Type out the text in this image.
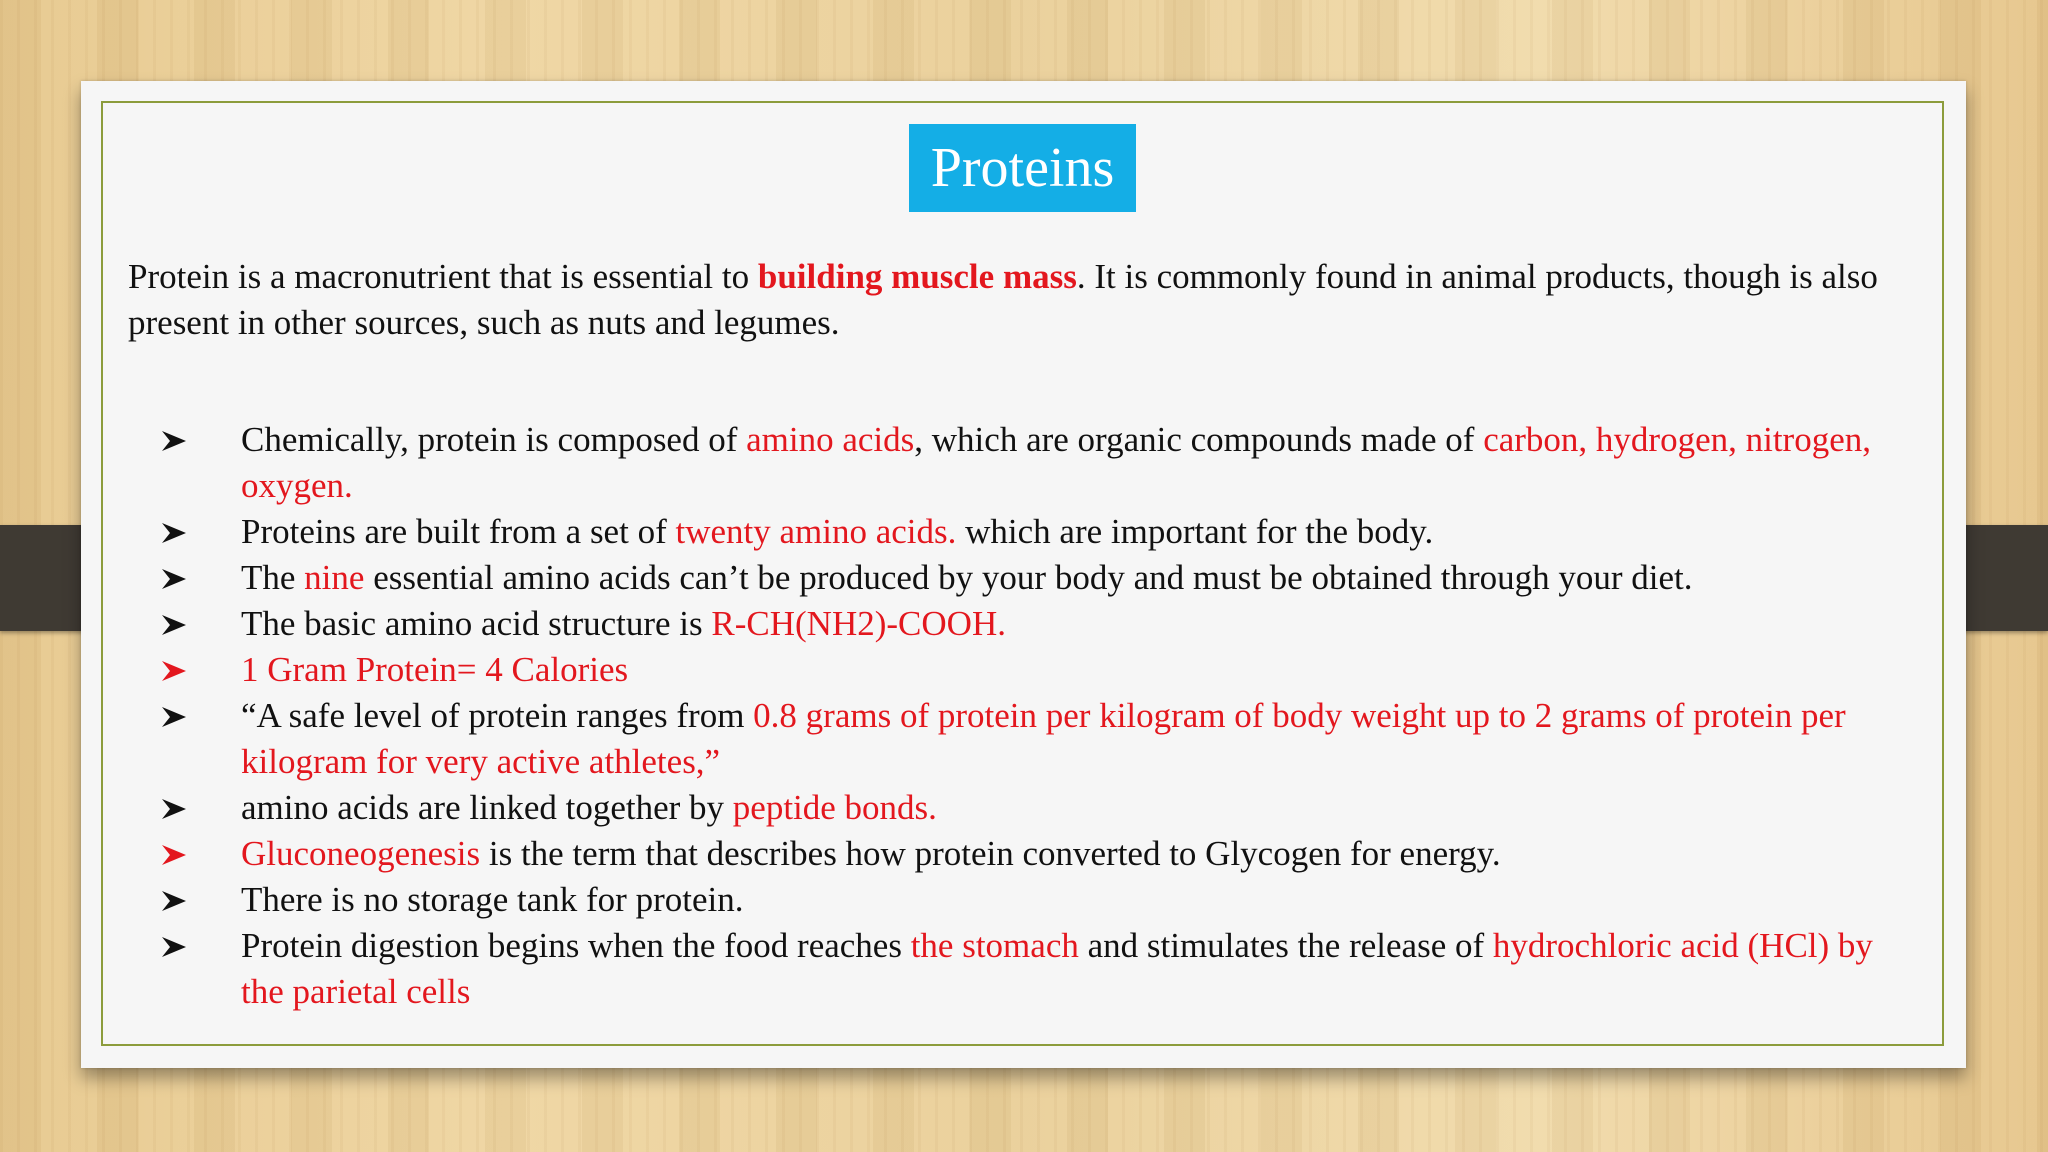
Proteins
Protein is a macronutrient that is essential to building muscle mass. It is commonly found in animal products, though is also present in other sources, such as nuts and legumes.
Chemically, protein is composed of amino acids, which are organic compounds made of carbon, hydrogen, nitrogen, oxygen.
Proteins are built from a set of twenty amino acids. which are important for the body.
The nine essential amino acids can’t be produced by your body and must be obtained through your diet.
The basic amino acid structure is R-CH(NH2)-COOH.
1 Gram Protein= 4 Calories
“A safe level of protein ranges from 0.8 grams of protein per kilogram of body weight up to 2 grams of protein per kilogram for very active athletes,”
amino acids are linked together by peptide bonds.
Gluconeogenesis is the term that describes how protein converted to Glycogen for energy.
There is no storage tank for protein.
Protein digestion begins when the food reaches the stomach and stimulates the release of hydrochloric acid (HCl) by the parietal cells
